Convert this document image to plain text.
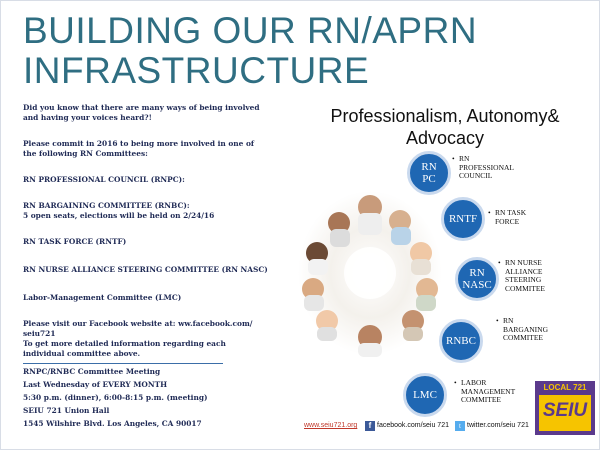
BUILDING OUR RN/APRN
INFRASTRUCTURE
Did you know that there are many ways of being involved
and having your voices heard?!
Please commit in 2016 to being more involved in one of
the following RN Committees:
RN PROFESSIONAL COUNCIL (RNPC):
RN BARGAINING COMMITTEE (RNBC):
5 open seats, elections will be held on 2/24/16
RN TASK FORCE (RNTF)
RN NURSE ALLIANCE STEERING COMMITTEE (RN NASC)
Labor-Management Committee (LMC)
Please visit our Facebook website at: ww.facebook.com/
seiu721
To get more detailed information regarding each
individual committee above.
RNPC/RNBC Committee Meeting
Last Wednesday of EVERY MONTH
5:30 p.m. (dinner), 6:00-8:15 p.m. (meeting)
SEIU 721 Union Hall
1545 Wilshire Blvd. Los Angeles, CA 90017
Professionalism, Autonomy&
Advocacy
RN
PC
• RN
PROFESSIONAL
COUNCIL
RNTF
• RN TASK
FORCE
RN
NASC
• RN NURSE
ALLIANCE
STEERING
COMMITEE
RNBC
• RN
BARGANING
COMMITEE
LMC
• LABOR
MANAGEMENT
COMMITEE
www.seiu721.org	f facebook.com/seiu 721	t twitter.com/seiu 721
LOCAL 721
SEIU
